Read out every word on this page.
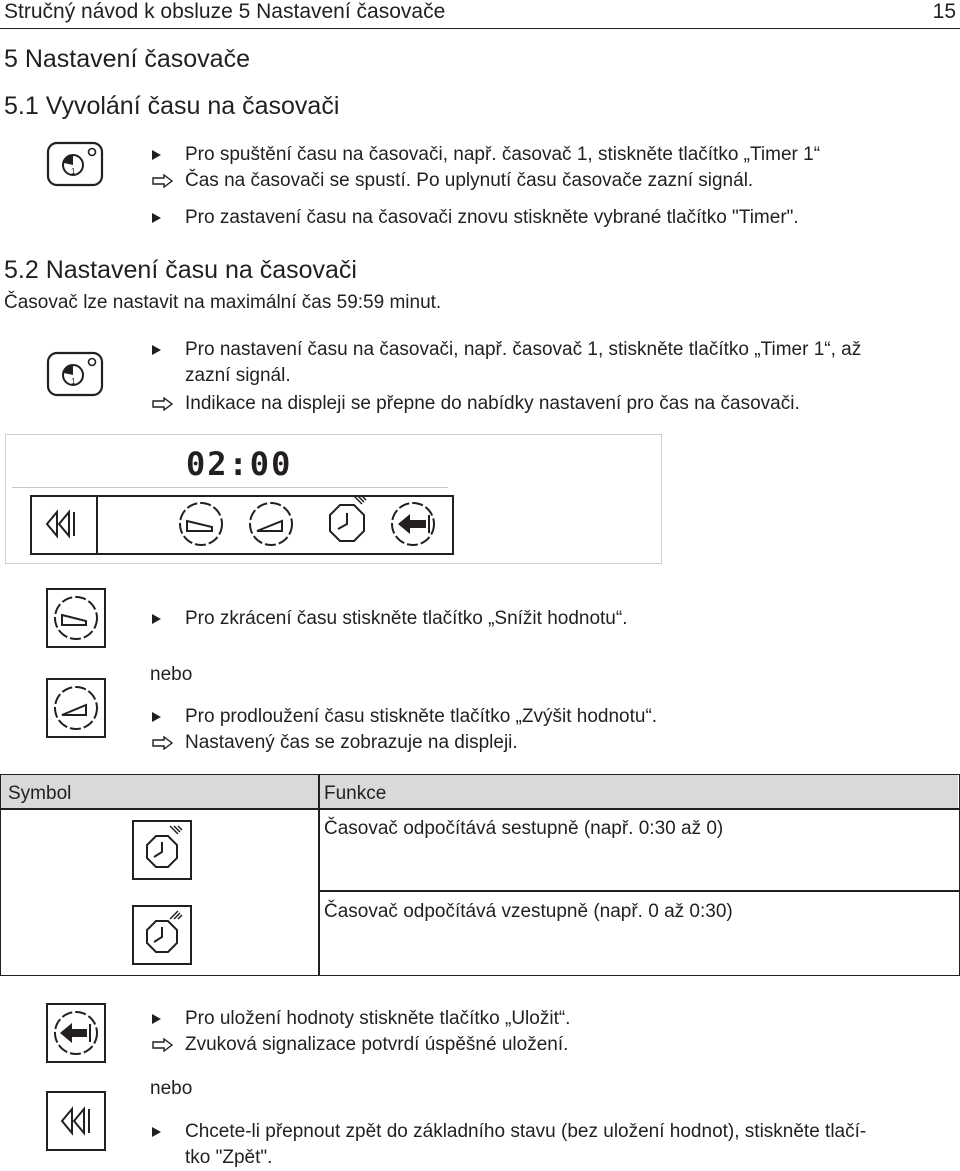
Stručný návod k obsluze 5 Nastavení časovače	15
5 Nastavení časovače
5.1 Vyvolání času na časovači
1
Pro spuštění času na časovači, např. časovač 1, stiskněte tlačítko „Timer 1“
Čas na časovači se spustí. Po uplynutí času časovače zazní signál.
Pro zastavení času na časovači znovu stiskněte vybrané tlačítko "Timer".
5.2 Nastavení času na časovači
Časovač lze nastavit na maximální čas 59:59 minut.
1
Pro nastavení času na časovači, např. časovač 1, stiskněte tlačítko „Timer 1“, až
zazní signál.
Indikace na displeji se přepne do nabídky nastavení pro čas na časovači.
02:00
Pro zkrácení času stiskněte tlačítko „Snížit hodnotu“.
nebo
Pro prodloužení času stiskněte tlačítko „Zvýšit hodnotu“.
Nastavený čas se zobrazuje na displeji.
Symbol	Funkce
Časovač odpočítává sestupně (např. 0:30 až 0)
Časovač odpočítává vzestupně (např. 0 až 0:30)
Pro uložení hodnoty stiskněte tlačítko „Uložit“.
Zvuková signalizace potvrdí úspěšné uložení.
nebo
Chcete-li přepnout zpět do základního stavu (bez uložení hodnot), stiskněte tlačí-
tko "Zpět".
